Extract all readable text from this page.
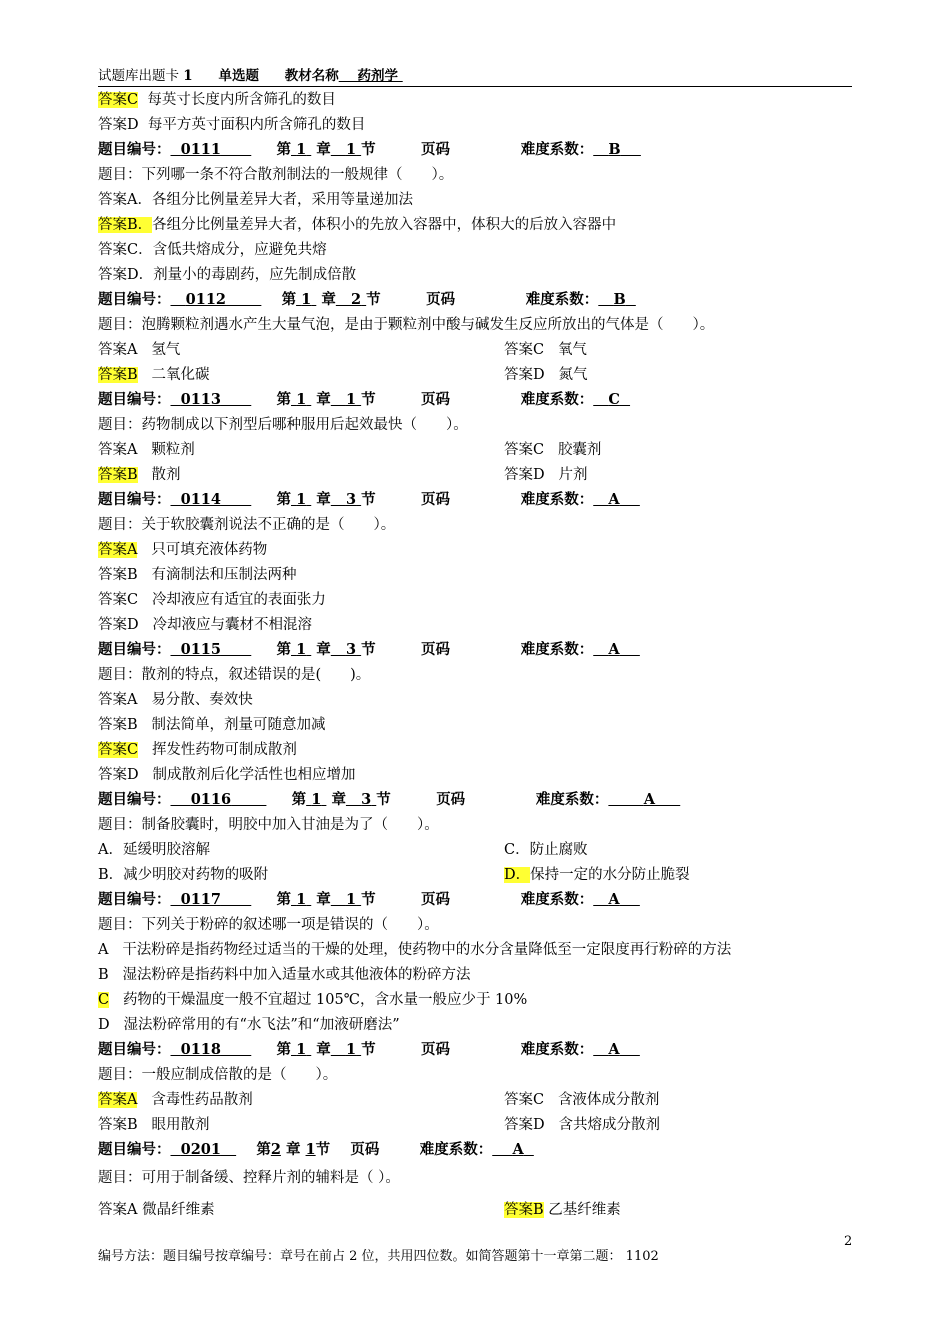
试题库出题卡 1 单选题 教材名称 药剂学
答案C 每英寸长度内所含筛孔的数目
答案D 每平方英寸面积内所含筛孔的数目
题目编号： 0111	第 1 章 1 节	页码	难度系数： B
题目：下列哪一条不符合散剂制法的一般规律（　　）。
答案A．各组分比例量差异大者，采用等量递加法
答案B．各组分比例量差异大者，体积小的先放入容器中，体积大的后放入容器中
答案C．含低共熔成分，应避免共熔
答案D．剂量小的毒剧药，应先制成倍散
题目编号： 0112	第 1 章 2 节	页码	难度系数： B
题目：泡腾颗粒剂遇水产生大量气泡，是由于颗粒剂中酸与碱发生反应所放出的气体是（　　）。
答案A 氢气	答案C 氧气
答案B 二氧化碳	答案D 氮气
题目编号： 0113	第 1 章 1 节	页码	难度系数： C
题目：药物制成以下剂型后哪种服用后起效最快（　　）。
答案A 颗粒剂	答案C 胶囊剂
答案B 散剂	答案D 片剂
题目编号： 0114	第 1 章 3 节	页码	难度系数： A
题目：关于软胶囊剂说法不正确的是（　　）。
答案A 只可填充液体药物
答案B 有滴制法和压制法两种
答案C 冷却液应有适宜的表面张力
答案D 冷却液应与囊材不相混溶
题目编号： 0115	第 1 章 3 节	页码	难度系数： A
题目：散剂的特点，叙述错误的是(　　)。
答案A 易分散、奏效快
答案B 制法简单，剂量可随意加减
答案C 挥发性药物可制成散剂
答案D 制成散剂后化学活性也相应增加
题目编号： 0116	第 1 章 3 节	页码	难度系数： A
题目：制备胶囊时，明胶中加入甘油是为了（　　）。
A．延缓明胶溶解	C．防止腐败
B．减少明胶对药物的吸附	D．保持一定的水分防止脆裂
题目编号： 0117	第 1 章 1 节	页码	难度系数： A
题目：下列关于粉碎的叙述哪一项是错误的（　　）。
A 干法粉碎是指药物经过适当的干燥的处理，使药物中的水分含量降低至一定限度再行粉碎的方法
B 湿法粉碎是指药料中加入适量水或其他液体的粉碎方法
C 药物的干燥温度一般不宜超过 105℃，含水量一般应少于 10%
D 湿法粉碎常用的有“水飞法”和“加液研磨法”
题目编号： 0118	第 1 章 1 节	页码	难度系数： A
题目：一般应制成倍散的是（　　）。
答案A 含毒性药品散剂	答案C 含液体成分散剂
答案B 眼用散剂	答案D 含共熔成分散剂
题目编号： 0201 第2 章 1节 页码	难度系数： A
题目：可用于制备缓、控释片剂的辅料是（ ）。
答案A 微晶纤维素	答案B 乙基纤维素
2
编号方法：题目编号按章编号：章号在前占 2 位，共用四位数。如简答题第十一章第二题： 1102
